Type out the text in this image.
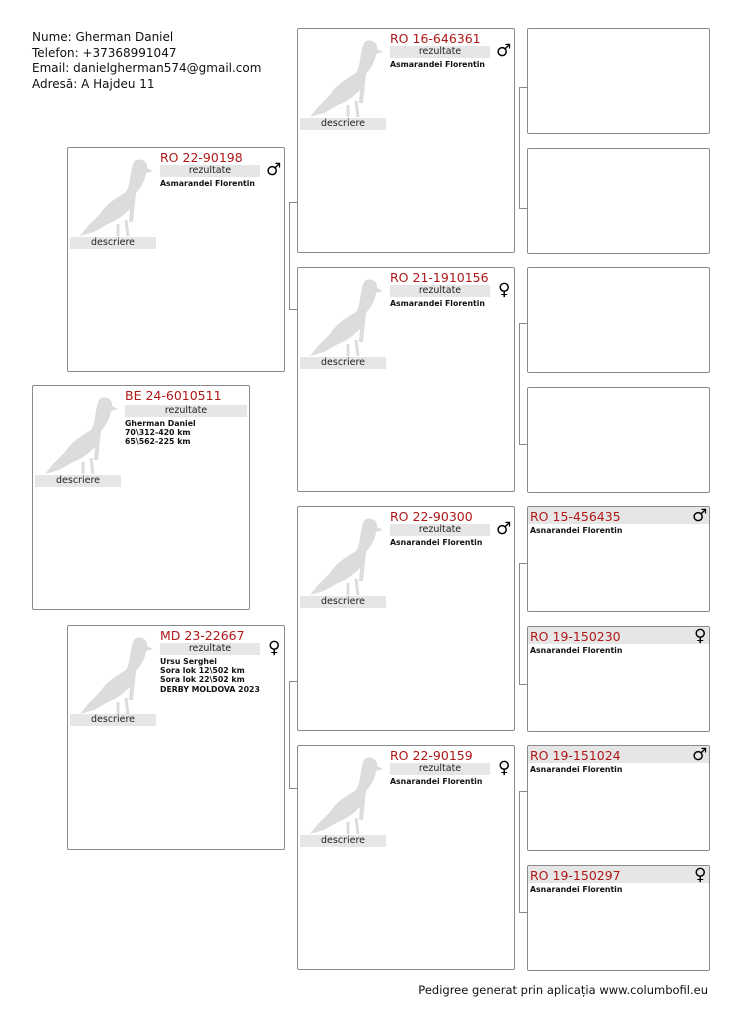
Nume: Gherman Daniel
Telefon: +37368991047
Email: danielgherman574@gmail.com
Adresă: A Hajdeu 11
descriere
BE 24-6010511
rezultate
Gherman Daniel
70\312-420 km
65\562-225 km
descriere
RO 22-90198
rezultate	♂
Asmarandei Florentin
descriere
MD 23-22667
rezultate	♀
Ursu Serghei
Sora lok 12\502 km
Sora lok 22\502 km
DERBY MOLDOVA 2023
descriere
RO 16-646361
rezultate	♂
Asmarandei Florentin
descriere
RO 21-1910156
rezultate	♀
Asmarandei Florentin
descriere
RO 22-90300
rezultate	♂
Asnarandei Florentin
descriere
RO 22-90159
rezultate	♀
Asnarandei Florentin
RO 15-456435	♂
Asnarandei Florentin
RO 19-150230	♀
Asnarandei Florentin
RO 19-151024	♂
Asnarandei Florentin
RO 19-150297	♀
Asnarandei Florentin
Pedigree generat prin aplicația www.columbofil.eu
